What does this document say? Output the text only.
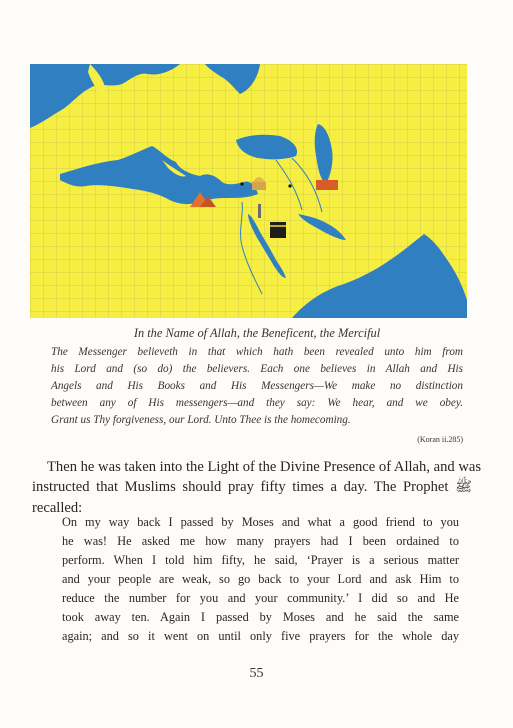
In the Name of Allah, the Beneficent, the Merciful
The Messenger believeth in that which hath been revealed unto him from
his Lord and (so do) the believers. Each one believes in Allah and His
Angels and His Books and His Messengers—We make no distinction
between any of His messengers—and they say: We hear, and we obey.
Grant us Thy forgiveness, our Lord. Unto Thee is the homecoming.
(Koran ii.285)
Then he was taken into the Light of the Divine Presence of Allah, and was
instructed that Muslims should pray fifty times a day. The Prophet ﷺ
recalled:
On my way back I passed by Moses and what a good friend to you
he was! He asked me how many prayers had I been ordained to
perform. When I told him fifty, he said, ‘Prayer is a serious matter
and your people are weak, so go back to your Lord and ask Him to
reduce the number for you and your community.’ I did so and He
took away ten. Again I passed by Moses and he said the same
again; and so it went on until only five prayers for the whole day
55
